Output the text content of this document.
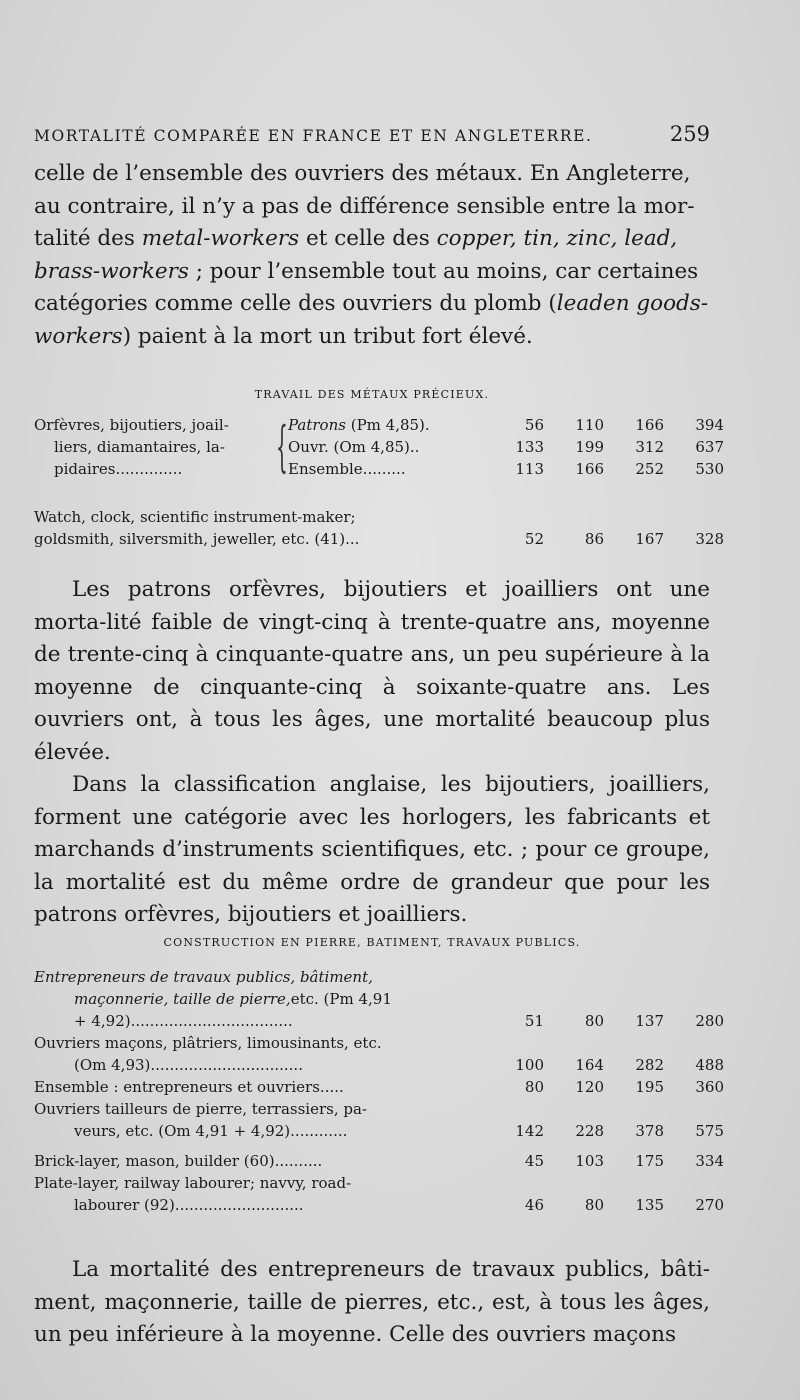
MORTALITÉ COMPARÉE EN FRANCE ET EN ANGLETERRE.	259
celle de l’ensemble des ouvriers des métaux. En Angleterre,
au contraire, il n’y a pas de différence sensible entre la mor-
talité des metal-workers et celle des copper, tin, zinc, lead,
brass-workers ; pour l’ensemble tout au moins, car certaines
catégories comme celle des ouvriers du plomb (leaden goods-
workers) paient à la mort un tribut fort élevé.
TRAVAIL DES MÉTAUX PRÉCIEUX.
Orfèvres, bijoutiers, joail-
liers, diamantaires, la-
pidaires..............	{ Patrons (Pm 4,85).	56	110	166	394
Ouvr. (Om 4,85)..	133	199	312	637
Ensemble.........	113	166	252	530
Watch, clock, scientific instrument-maker;
goldsmith, silversmith, jeweller, etc. (41)...	52	86	167	328

Les patrons orfèvres, bijoutiers et joailliers ont une morta-lité faible de vingt-cinq à trente-quatre ans, moyenne de trente-cinq à cinquante-quatre ans, un peu supérieure à la moyenne de cinquante-cinq à soixante-quatre ans. Les ouvriers ont, à tous les âges, une mortalité beaucoup plus élevée.

Dans la classification anglaise, les bijoutiers, joailliers, forment une catégorie avec les horlogers, les fabricants et marchands d’instruments scientifiques, etc. ; pour ce groupe, la mortalité est du même ordre de grandeur que pour les patrons orfèvres, bijoutiers et joailliers.

CONSTRUCTION EN PIERRE, BATIMENT, TRAVAUX PUBLICS.
Entrepreneurs de travaux publics, bâtiment,
maçonnerie, taille de pierre, etc. (Pm 4,91
+ 4,92)..................................	51	80	137	280
Ouvriers maçons, plâtriers, limousinants, etc.
(Om 4,93)................................	100	164	282	488
Ensemble : entrepreneurs et ouvriers.....	80	120	195	360
Ouvriers tailleurs de pierre, terrassiers, pa-
veurs, etc. (Om 4,91 + 4,92)............	142	228	378	575
Brick-layer, mason, builder (60)..........	45	103	175	334
Plate-layer, railway labourer; navvy, road-
labourer (92)...........................	46	80	135	270

La mortalité des entrepreneurs de travaux publics, bâti-ment, maçonnerie, taille de pierres, etc., est, à tous les âges, un peu inférieure à la moyenne. Celle des ouvriers maçons
